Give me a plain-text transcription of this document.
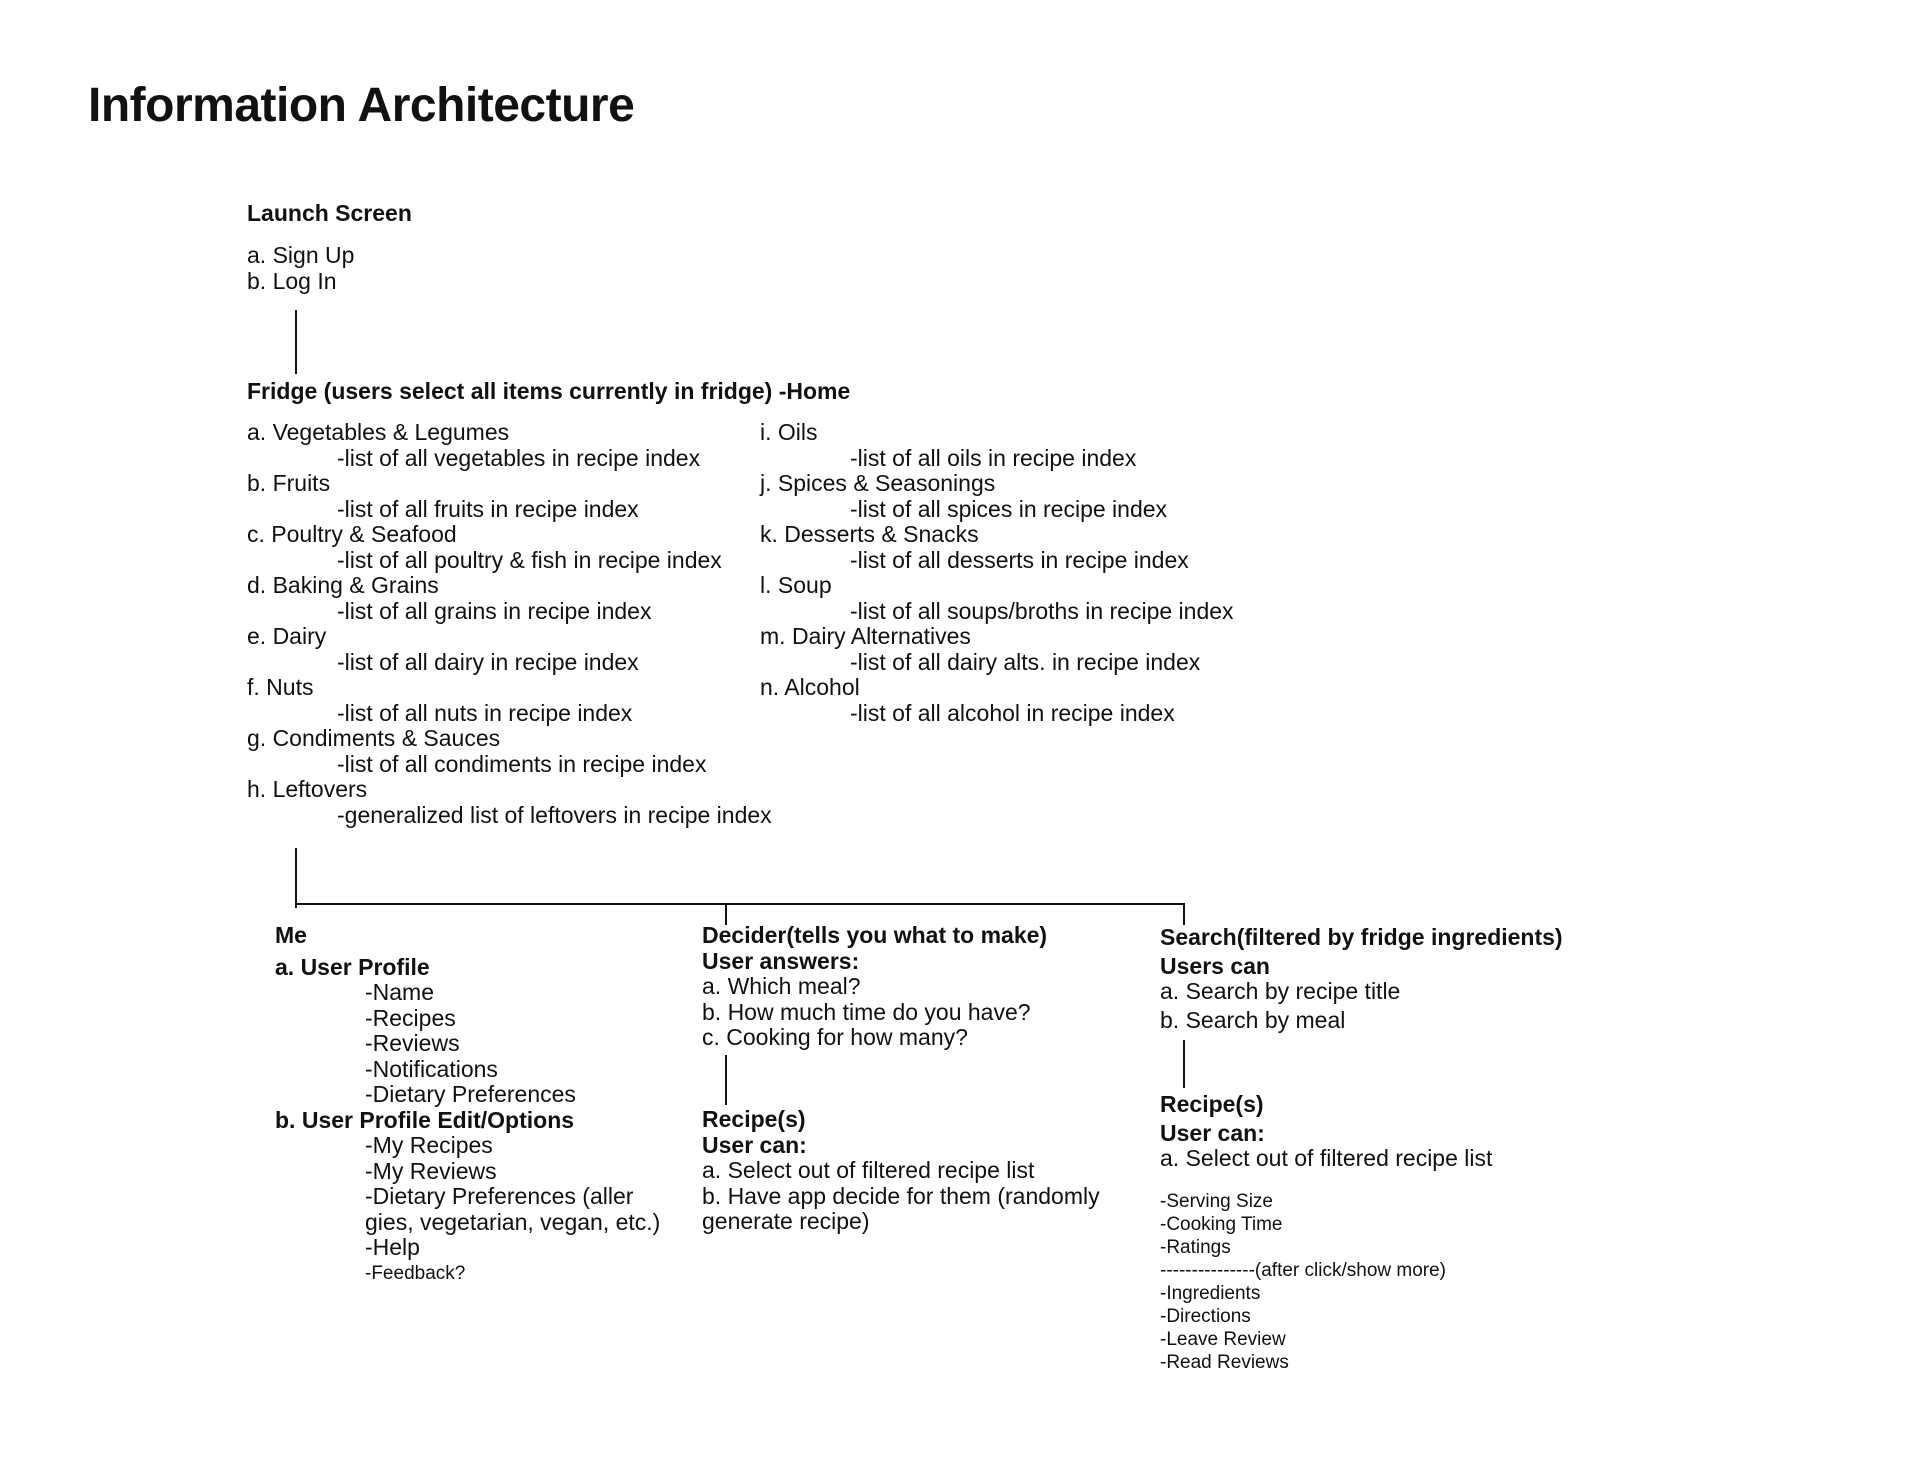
Information Architecture
Launch Screen
a. Sign Up
b. Log In
Fridge (users select all items currently in fridge) -Home
a. Vegetables & Legumes
-list of all vegetables in recipe index
b. Fruits
-list of all fruits in recipe index
c. Poultry & Seafood
-list of all poultry & fish in recipe index
d. Baking & Grains
-list of all grains in recipe index
e. Dairy
-list of all dairy in recipe index
f. Nuts
-list of all nuts in recipe index
g. Condiments & Sauces
-list of all condiments in recipe index
h. Leftovers
-generalized list of leftovers in recipe index
i. Oils
-list of all oils in recipe index
j. Spices & Seasonings
-list of all spices in recipe index
k. Desserts & Snacks
-list of all desserts in recipe index
l. Soup
-list of all soups/broths in recipe index
m. Dairy Alternatives
-list of all dairy alts. in recipe index
n. Alcohol
-list of all alcohol in recipe index
Me
a. User Profile
-Name
-Recipes
-Reviews
-Notifications
-Dietary Preferences
b. User Profile Edit/Options
-My Recipes
-My Reviews
-Dietary Preferences (aller
gies, vegetarian, vegan, etc.)
-Help
-Feedback?
Decider(tells you what to make)
User answers:
a. Which meal?
b. How much time do you have?
c. Cooking for how many?
Recipe(s)
User can:
a. Select out of filtered recipe list
b. Have app decide for them (randomly
generate recipe)
Search(filtered by fridge ingredients)
Users can
a. Search by recipe title
b. Search by meal
Recipe(s)
User can:
a. Select out of filtered recipe list
-Serving Size
-Cooking Time
-Ratings
---------------(after click/show more)
-Ingredients
-Directions
-Leave Review
-Read Reviews
